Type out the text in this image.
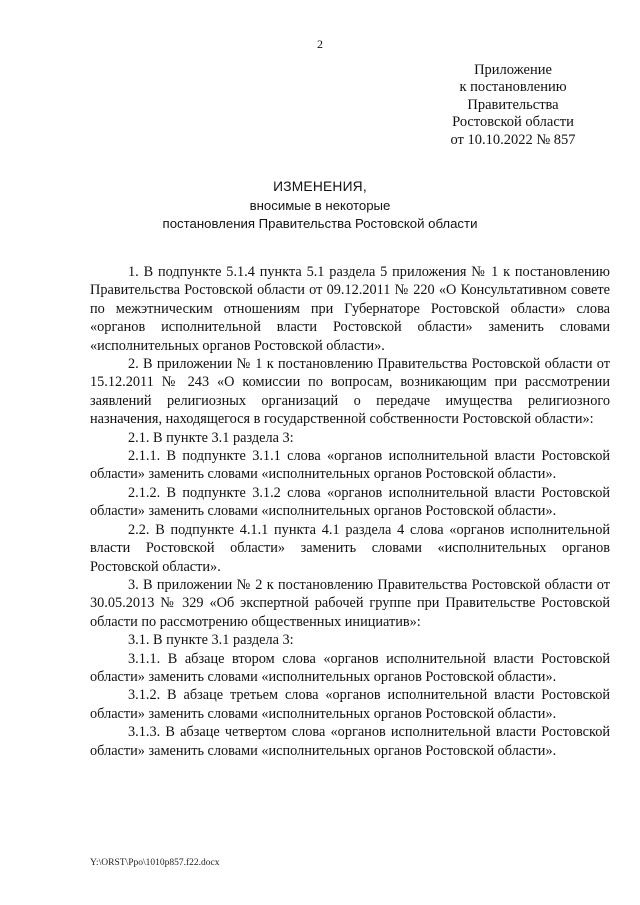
2
Приложение
к постановлению
Правительства
Ростовской области
от 10.10.2022 № 857
ИЗМЕНЕНИЯ,
вносимые в некоторые
постановления Правительства Ростовской области

1. В подпункте 5.1.4 пункта 5.1 раздела 5 приложения № 1 к постановлению Правительства Ростовской области от 09.12.2011 № 220 «О Консультативном совете по межэтническим отношениям при Губернаторе Ростовской области» слова «органов исполнительной власти Ростовской области» заменить словами «исполнительных органов Ростовской области».

2. В приложении № 1 к постановлению Правительства Ростовской области от 15.12.2011 № 243 «О комиссии по вопросам, возникающим при рассмотрении заявлений религиозных организаций о передаче имущества религиозного назначения, находящегося в государственной собственности Ростовской области»:

2.1. В пункте 3.1 раздела 3:

2.1.1. В подпункте 3.1.1 слова «органов исполнительной власти Ростовской области» заменить словами «исполнительных органов Ростовской области».

2.1.2. В подпункте 3.1.2 слова «органов исполнительной власти Ростовской области» заменить словами «исполнительных органов Ростовской области».

2.2. В подпункте 4.1.1 пункта 4.1 раздела 4 слова «органов исполнительной власти Ростовской области» заменить словами «исполнительных органов Ростовской области».

3. В приложении № 2 к постановлению Правительства Ростовской области от 30.05.2013 № 329 «Об экспертной рабочей группе при Правительстве Ростовской области по рассмотрению общественных инициатив»:

3.1. В пункте 3.1 раздела 3:

3.1.1. В абзаце втором слова «органов исполнительной власти Ростовской области» заменить словами «исполнительных органов Ростовской области».

3.1.2. В абзаце третьем слова «органов исполнительной власти Ростовской области» заменить словами «исполнительных органов Ростовской области».

3.1.3. В абзаце четвертом слова «органов исполнительной власти Ростовской области» заменить словами «исполнительных органов Ростовской области».

Y:\ORST\Ppo\1010p857.f22.docx
